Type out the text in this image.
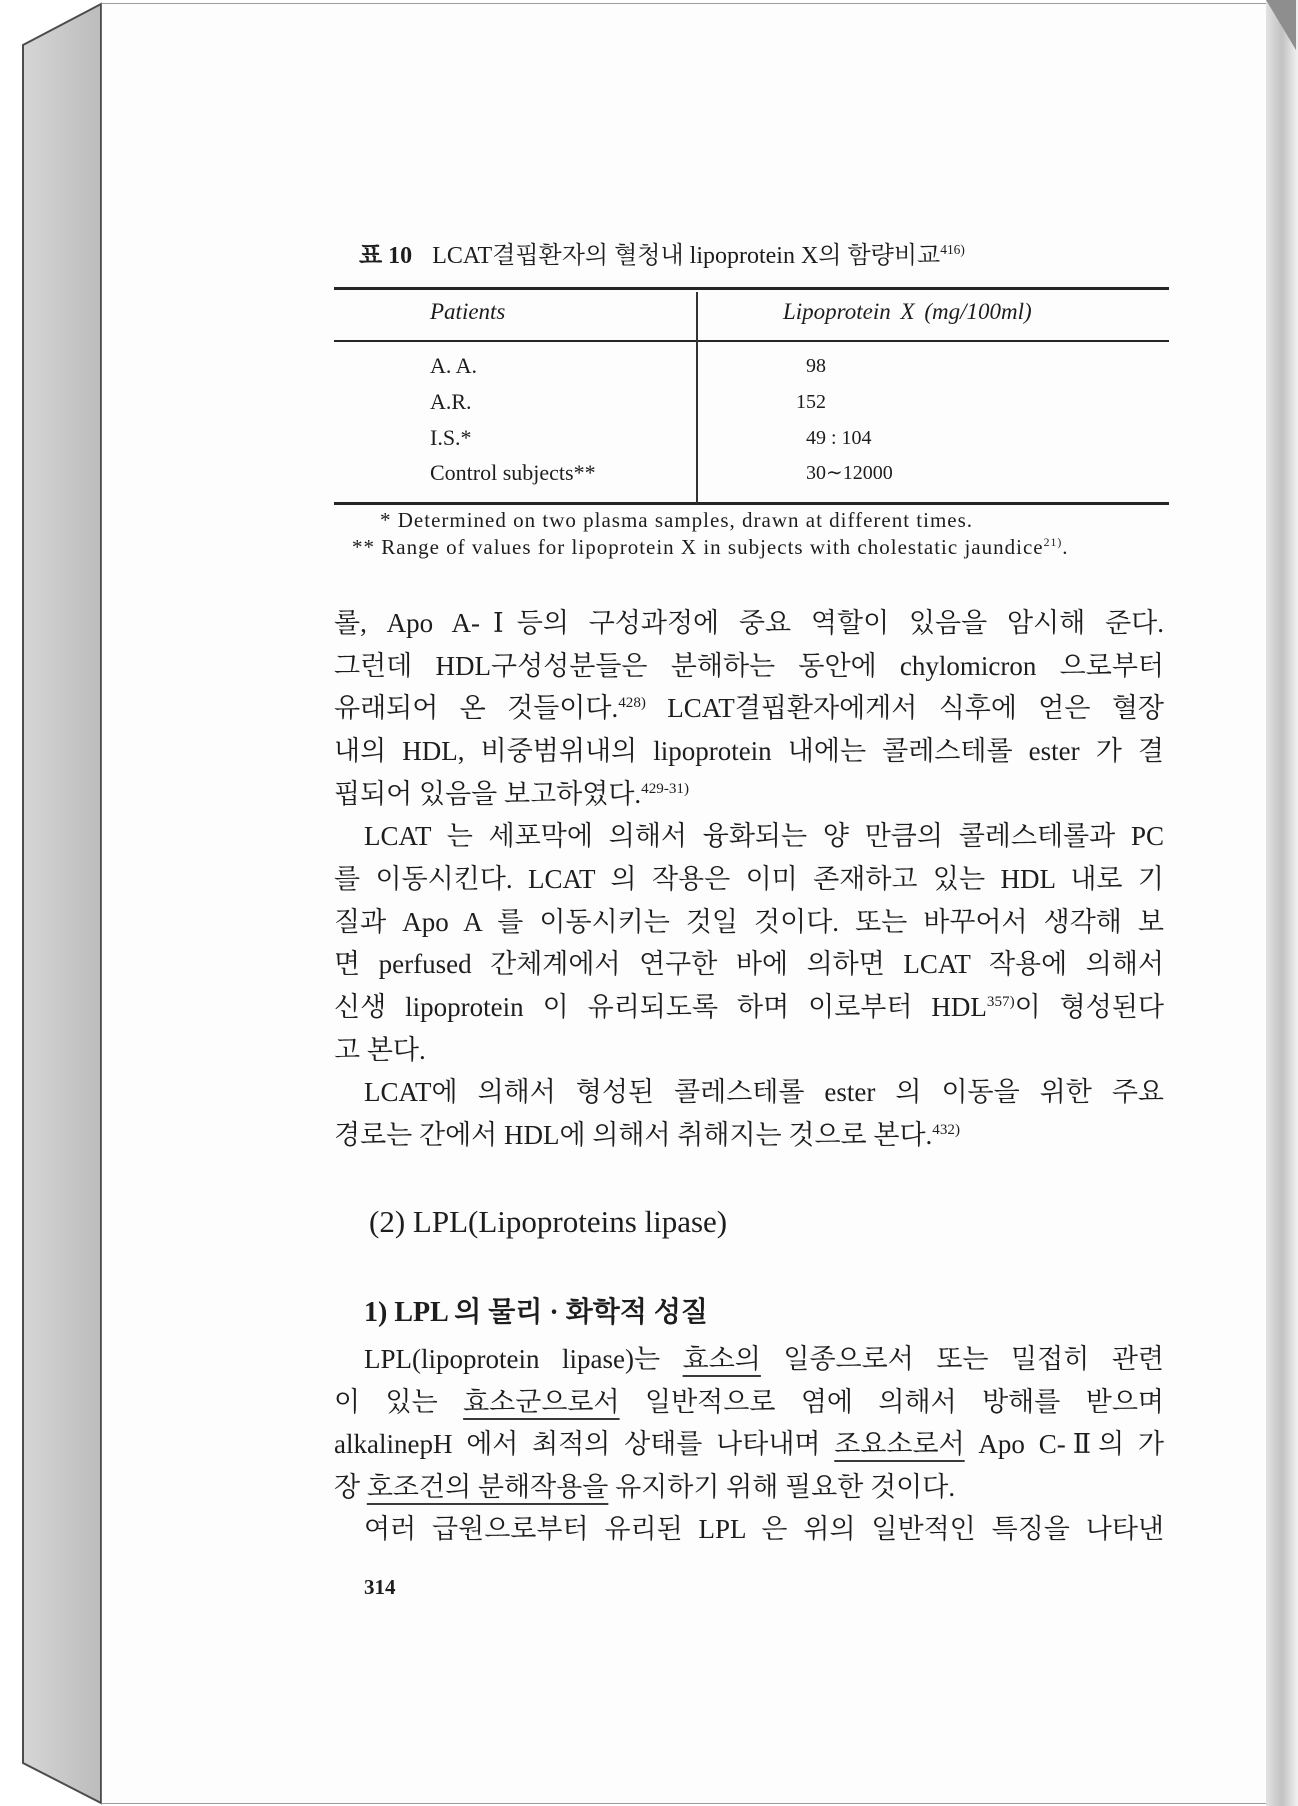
표 10 LCAT결핍환자의 혈청내 lipoprotein X의 함량비교$^{416)}$
Patients	Lipoprotein X (mg/100ml)
A. A.	98
A.R.	152
I.S.*	49 : 104
Control subjects**	30∼12000
* Determined on two plasma samples, drawn at different times.
** Range of values for lipoprotein X in subjects with cholestatic jaundice$^{21)}$.
롤, Apo A-Ⅰ등의 구성과정에 중요 역할이 있음을 암시해 준다.
그런데 HDL구성성분들은 분해하는 동안에 chylomicron 으로부터
유래되어 온 것들이다.$^{428)}$ LCAT결핍환자에게서 식후에 얻은 혈장
내의 HDL, 비중범위내의 lipoprotein 내에는 콜레스테롤 ester 가 결
핍되어 있음을 보고하였다.$^{429-31)}$
LCAT 는 세포막에 의해서 융화되는 양 만큼의 콜레스테롤과 PC
를 이동시킨다. LCAT 의 작용은 이미 존재하고 있는 HDL 내로 기
질과 Apo A 를 이동시키는 것일 것이다. 또는 바꾸어서 생각해 보
면 perfused 간체계에서 연구한 바에 의하면 LCAT 작용에 의해서
신생 lipoprotein 이 유리되도록 하며 이로부터 HDL$^{357)}$이 형성된다
고 본다.
LCAT에 의해서 형성된 콜레스테롤 ester 의 이동을 위한 주요
경로는 간에서 HDL에 의해서 취해지는 것으로 본다.$^{432)}$
(2) LPL(Lipoproteins lipase)
1) LPL 의 물리 · 화학적 성질
LPL(lipoprotein lipase)는 효소의 일종으로서 또는 밀접히 관련
이 있는 효소군으로서 일반적으로 염에 의해서 방해를 받으며
alkalinepH 에서 최적의 상태를 나타내며 조요소로서 Apo C-Ⅱ의 가
장 호조건의 분해작용을 유지하기 위해 필요한 것이다.
여러 급원으로부터 유리된 LPL 은 위의 일반적인 특징을 나타낸
314
